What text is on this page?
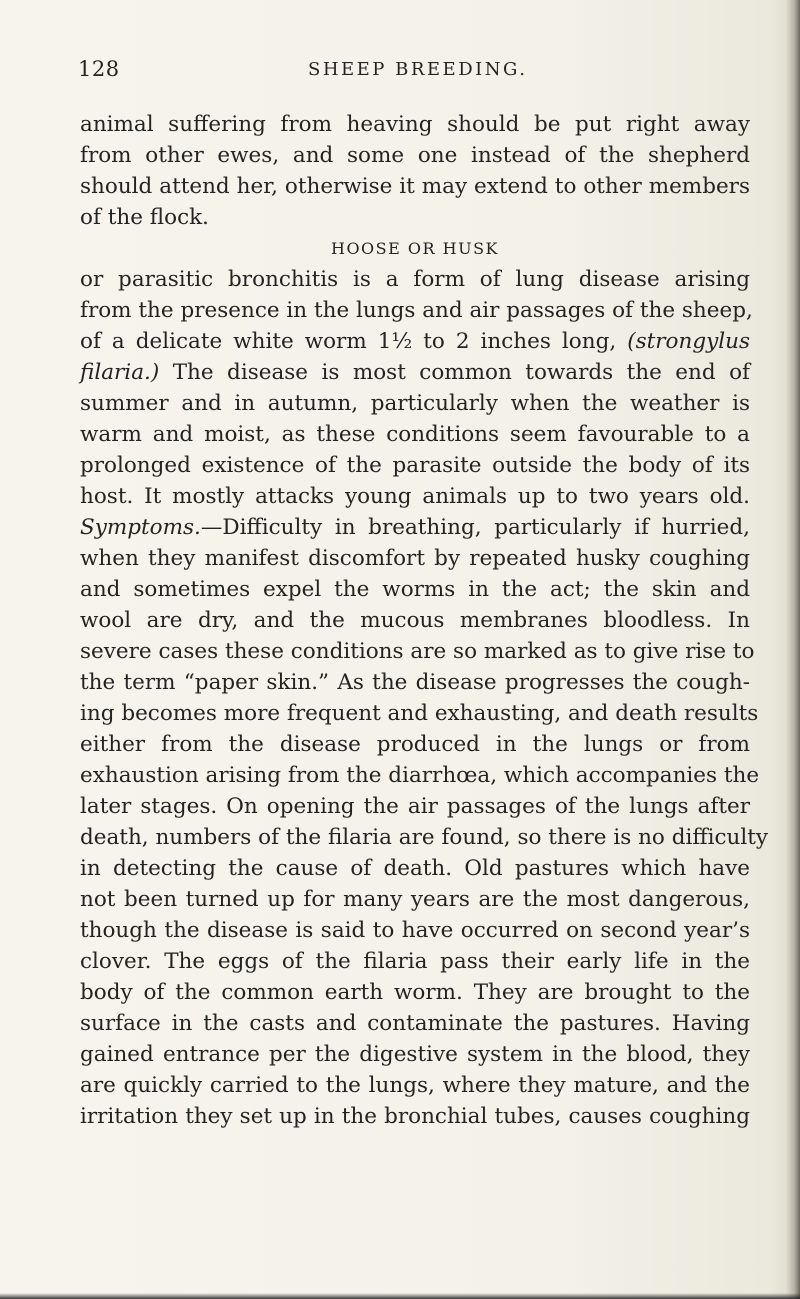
128	SHEEP BREEDING.
animal suffering from heaving should be put right away
from other ewes, and some one instead of the shepherd
should attend her, otherwise it may extend to other members
of the flock.
HOOSE OR HUSK
or parasitic bronchitis is a form of lung disease arising
from the presence in the lungs and air passages of the sheep,
of a delicate white worm 1½ to 2 inches long, (strongylus
filaria.) The disease is most common towards the end of
summer and in autumn, particularly when the weather is
warm and moist, as these conditions seem favourable to a
prolonged existence of the parasite outside the body of its
host. It mostly attacks young animals up to two years old.
Symptoms.—Difficulty in breathing, particularly if hurried,
when they manifest discomfort by repeated husky coughing
and sometimes expel the worms in the act; the skin and
wool are dry, and the mucous membranes bloodless. In
severe cases these conditions are so marked as to give rise to
the term “paper skin.” As the disease progresses the cough-
ing becomes more frequent and exhausting, and death results
either from the disease produced in the lungs or from
exhaustion arising from the diarrhœa, which accompanies the
later stages. On opening the air passages of the lungs after
death, numbers of the filaria are found, so there is no difficulty
in detecting the cause of death. Old pastures which have
not been turned up for many years are the most dangerous,
though the disease is said to have occurred on second year’s
clover. The eggs of the filaria pass their early life in the
body of the common earth worm. They are brought to the
surface in the casts and contaminate the pastures. Having
gained entrance per the digestive system in the blood, they
are quickly carried to the lungs, where they mature, and the
irritation they set up in the bronchial tubes, causes coughing
